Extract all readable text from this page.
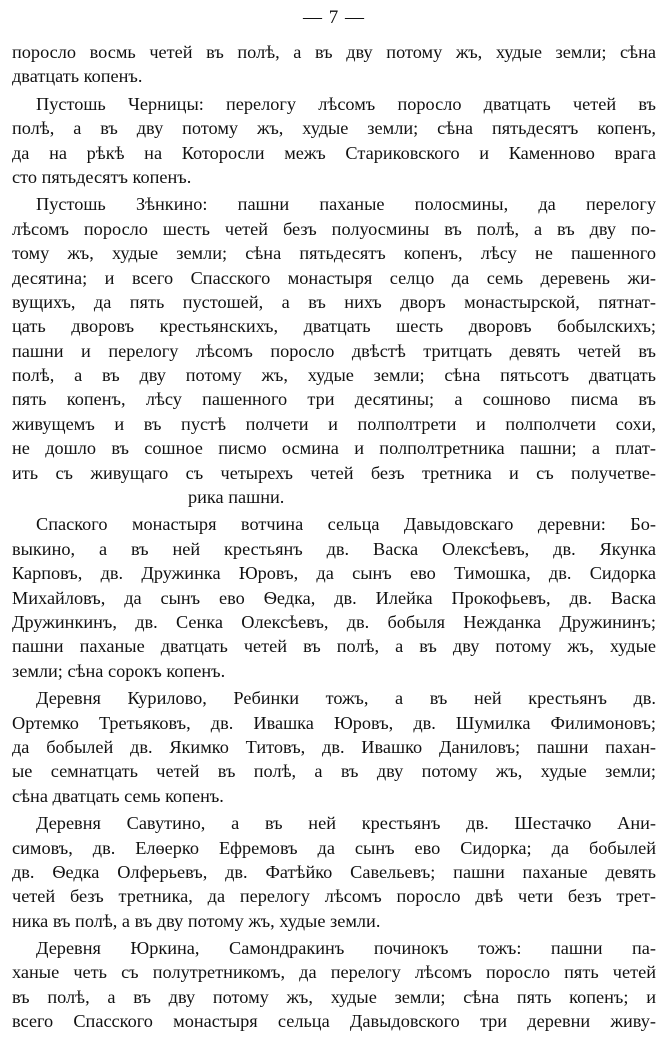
— 7 —
поросло восмь четей въ полѣ, а въ дву потому жъ, худые земли; сѣна
дватцать копенъ.
Пустошь Черницы: перелогу лѣсомъ поросло дватцать четей въ
полѣ, а въ дву потому жъ, худые земли; сѣна пятьдесятъ копенъ,
да на рѣкѣ на Которосли межъ Стариковского и Каменново врага
сто пятьдесятъ копенъ.
Пустошь Зѣнкино: пашни паханые полосмины, да перелогу
лѣсомъ поросло шесть четей безъ полуосмины въ полѣ, а въ дву по-
тому жъ, худые земли; сѣна пятьдесятъ копенъ, лѣсу не пашенного
десятина; и всего Спасского монастыря селцо да семь деревень жи-
вущихъ, да пять пустошей, а въ нихъ дворъ монастырской, пятнат-
цать дворовъ крестьянскихъ, дватцать шесть дворовъ бобылскихъ;
пашни и перелогу лѣсомъ поросло двѣстѣ тритцать девять четей въ
полѣ, а въ дву потому жъ, худые земли; сѣна пятьсотъ дватцать
пять копенъ, лѣсу пашенного три десятины; а сошново писма въ
живущемъ и въ пустѣ полчети и полполтрети и полполчети сохи,
не дошло въ сошное писмо осмина и полполтретника пашни; а плат-
ить съ живущаго съ четырехъ четей безъ третника и съ получетве-
рика пашни.
Спаского монастыря вотчина сельца Давыдовскаго деревни: Бо-
выкино, а въ ней крестьянъ дв. Васка Олексѣевъ, дв. Якунка
Карповъ, дв. Дружинка Юровъ, да сынъ ево Тимошка, дв. Сидорка
Михайловъ, да сынъ ево Ѳедка, дв. Илейка Прокофьевъ, дв. Васка
Дружинкинъ, дв. Сенка Олексѣевъ, дв. бобыля Нежданка Дружининъ;
пашни паханые дватцать четей въ полѣ, а въ дву потому жъ, худые
земли; сѣна сорокъ копенъ.
Деревня Курилово, Ребинки тожъ, а въ ней крестьянъ дв.
Ортемко Третьяковъ, дв. Ивашка Юровъ, дв. Шумилка Филимоновъ;
да бобылей дв. Якимко Титовъ, дв. Ивашко Даниловъ; пашни пахан-
ые семнатцать четей въ полѣ, а въ дву потому жъ, худые земли;
сѣна дватцать семь копенъ.
Деревня Савутино, а въ ней крестьянъ дв. Шестачко Ани-
симовъ, дв. Елѳерко Ефремовъ да сынъ ево Сидорка; да бобылей
дв. Ѳедка Олферьевъ, дв. Фатѣйко Савельевъ; пашни паханые девять
четей безъ третника, да перелогу лѣсомъ поросло двѣ чети безъ трет-
ника въ полѣ, а въ дву потому жъ, худые земли.
Деревня Юркина, Самондракинъ починокъ тожъ: пашни па-
ханые четь съ полутретникомъ, да перелогу лѣсомъ поросло пять четей
въ полѣ, а въ дву потому жъ, худые земли; сѣна пять копенъ; и
всего Спасского монастыря сельца Давыдовского три деревни живу-
